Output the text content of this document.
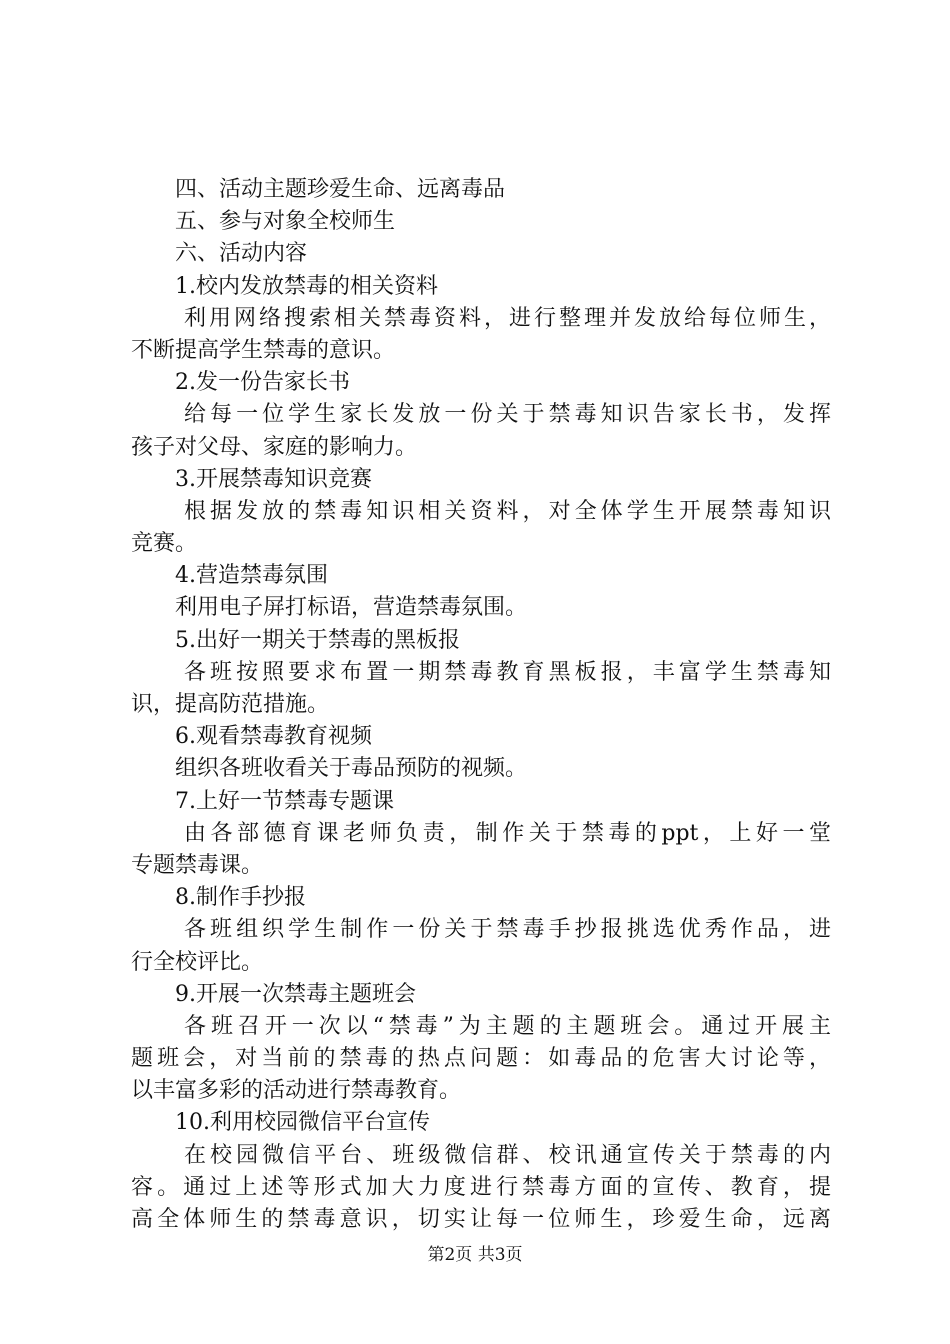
四、活动主题珍爱生命、远离毒品
五、参与对象全校师生
六、活动内容
1.校内发放禁毒的相关资料
利用网络搜索相关禁毒资料，进行整理并发放给每位师生，
不断提高学生禁毒的意识。
2.发一份告家长书
给每一位学生家长发放一份关于禁毒知识告家长书，发挥
孩子对父母、家庭的影响力。
3.开展禁毒知识竞赛
根据发放的禁毒知识相关资料，对全体学生开展禁毒知识
竞赛。
4.营造禁毒氛围
利用电子屏打标语，营造禁毒氛围。
5.出好一期关于禁毒的黑板报
各班按照要求布置一期禁毒教育黑板报，丰富学生禁毒知
识，提高防范措施。
6.观看禁毒教育视频
组织各班收看关于毒品预防的视频。
7.上好一节禁毒专题课
由各部德育课老师负责，制作关于禁毒的ppt，上好一堂
专题禁毒课。
8.制作手抄报
各班组织学生制作一份关于禁毒手抄报挑选优秀作品，进
行全校评比。
9.开展一次禁毒主题班会
各班召开一次以“禁毒”为主题的主题班会。通过开展主
题班会，对当前的禁毒的热点问题：如毒品的危害大讨论等，
以丰富多彩的活动进行禁毒教育。
10.利用校园微信平台宣传
在校园微信平台、班级微信群、校讯通宣传关于禁毒的内
容。通过上述等形式加大力度进行禁毒方面的宣传、教育，提
高全体师生的禁毒意识，切实让每一位师生，珍爱生命，远离
第2页 共3页
